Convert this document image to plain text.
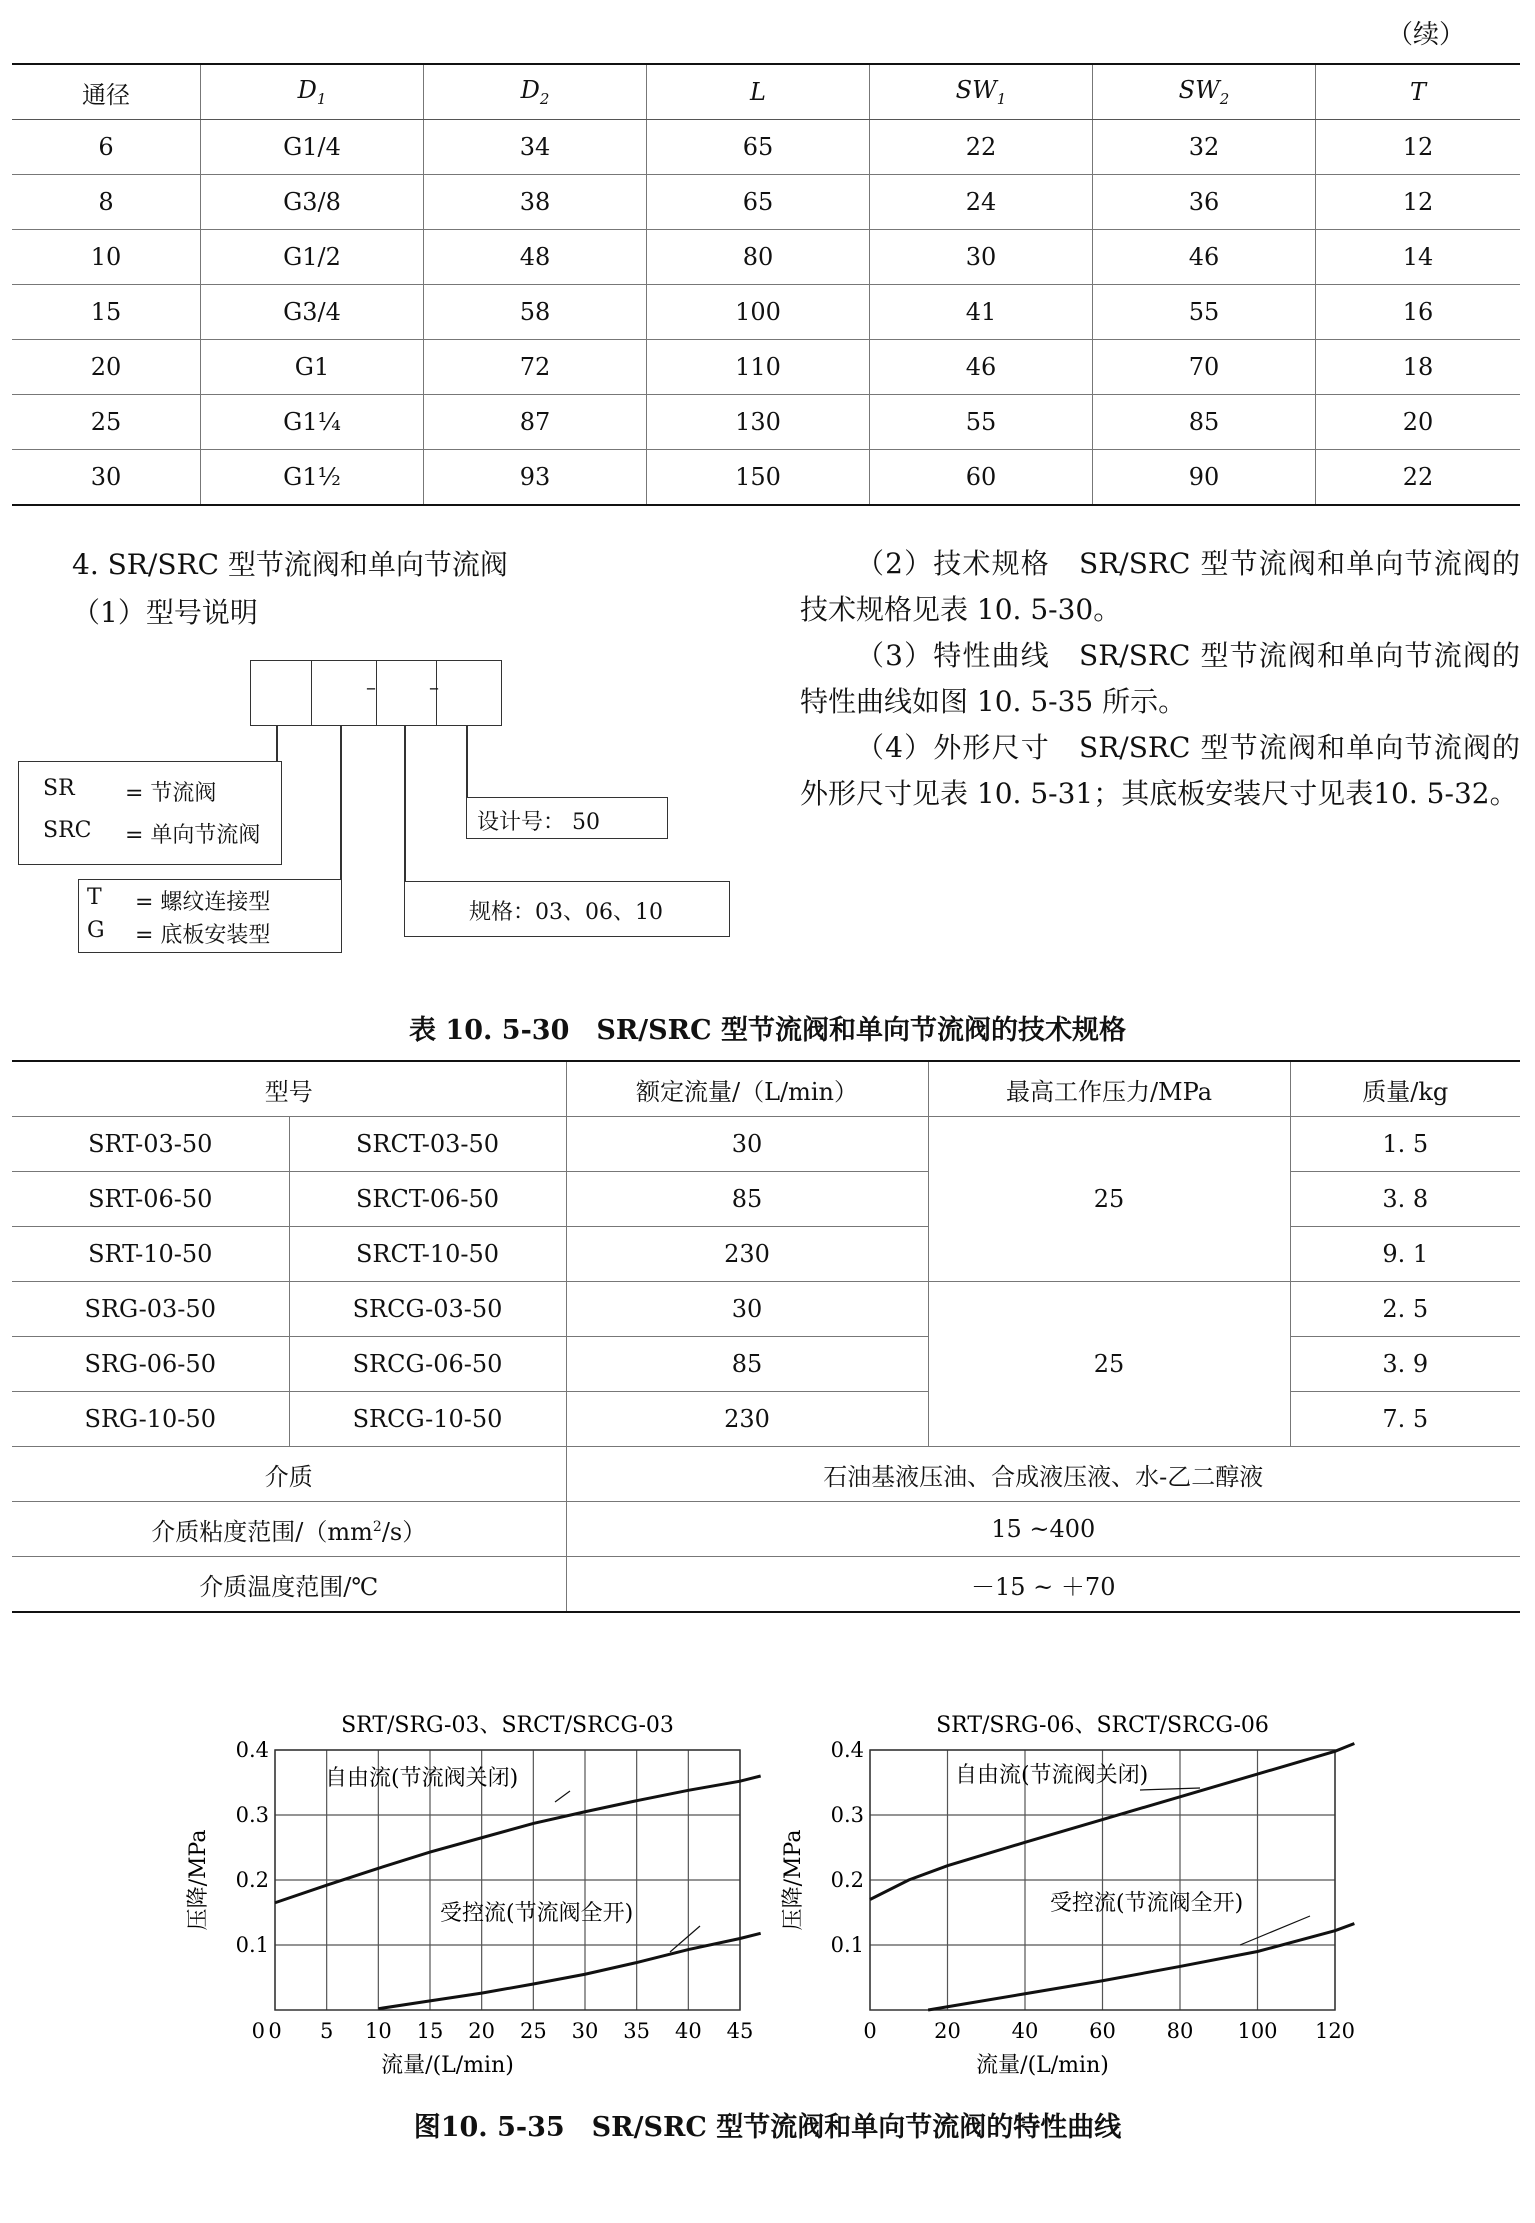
（续）
通径	$D_1$	$D_2$	L	$SW_1$	$SW_2$	T
6	G1/4	34	65	22	32	12
8	G3/8	38	65	24	36	12
10	G1/2	48	80	30	46	14
15	G3/4	58	100	41	55	16
20	G1	72	110	46	70	18
25	G1¼	87	130	55	85	20
30	G1½	93	150	60	90	22
4. SR/SRC 型节流阀和单向节流阀
（1）型号说明
–	–
SR = 节流阀
SRC = 单向节流阀
设计号： 50
T = 螺纹连接型
G = 底板安装型
规格：03、06、10

（2）技术规格　SR/SRC 型节流阀和单向节流阀的技术规格见表 10. 5-30。

（3）特性曲线　SR/SRC 型节流阀和单向节流阀的特性曲线如图 10. 5-35 所示。

（4）外形尺寸　SR/SRC 型节流阀和单向节流阀的外形尺寸见表 10. 5-31；其底板安装尺寸见表10. 5-32。

表 10. 5-30　SR/SRC 型节流阀和单向节流阀的技术规格
型号		额定流量/（L/min）	最高工作压力/MPa	质量/kg
SRT-03-50	SRCT-03-50	30	25	1. 5
SRT-06-50	SRCT-06-50	85		3. 8
SRT-10-50	SRCT-10-50	230		9. 1
SRG-03-50	SRCG-03-50	30	25	2. 5
SRG-06-50	SRCG-06-50	85		3. 9
SRG-10-50	SRCG-10-50	230		7. 5
介质		石油基液压油、合成液压液、水-乙二醇液		
介质粘度范围$/(mm^2/s)$		15 ~400		
介质温度范围/℃		－15 ~ ＋70		
0 5 10 15 20 25 30 35 40 45
0
0.1
0.2
0.3
0.4
SRT/SRG-03、SRCT/SRCG-03
流量/(L/min)
压降/MPa
自由流(节流阀关闭)
受控流(节流阀全开)
0	20 40 60 80 100 120
0.1
0.2
0.3
0.4
SRT/SRG-06、SRCT/SRCG-06
流量/(L/min)
压降/MPa
自由流(节流阀关闭)
受控流(节流阀全开)
图10. 5-35　SR/SRC 型节流阀和单向节流阀的特性曲线
